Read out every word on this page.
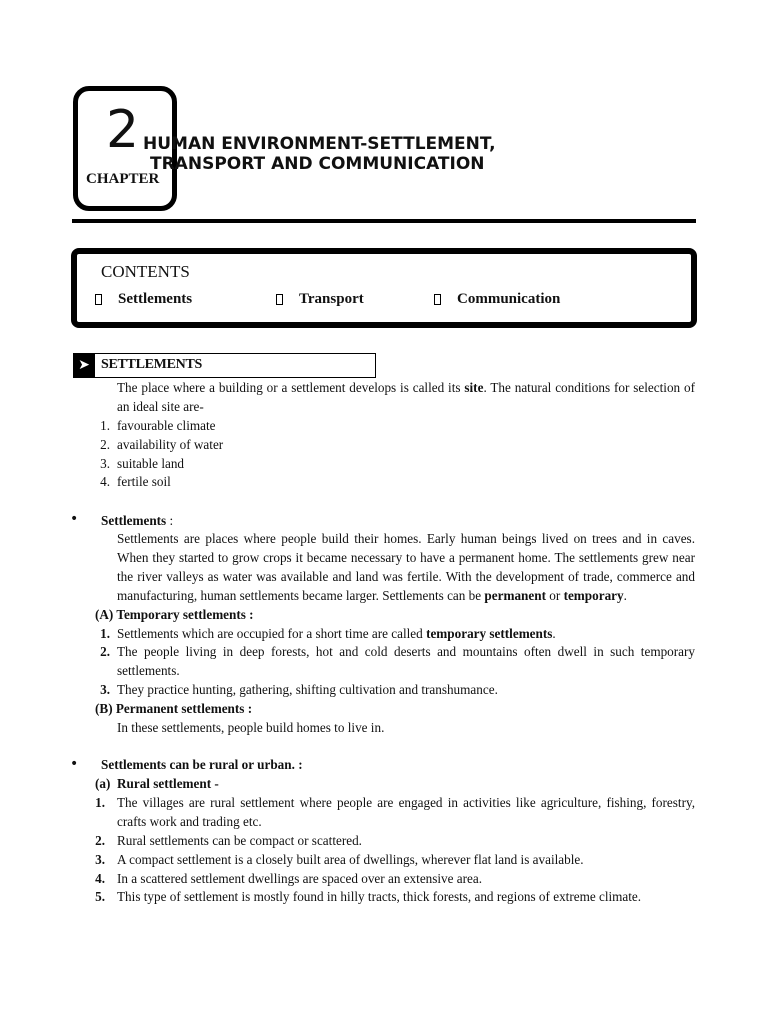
2
CHAPTER
HUMAN ENVIRONMENT-SETTLEMENT,
TRANSPORT AND COMMUNICATION
CONTENTS
Settlements	Transport	Communication
➤ SETTLEMENTS
The place where a building or a settlement develops is called its site. The natural conditions for selection of
an ideal site are-
1. favourable climate
2. availability of water
3. suitable land
4. fertile soil
• Settlements :
Settlements are places where people build their homes. Early human beings lived on trees and in caves.
When they started to grow crops it became necessary to have a permanent home. The settlements grew near
the river valleys as water was available and land was fertile. With the development of trade, commerce and
manufacturing, human settlements became larger. Settlements can be permanent or temporary.
(A) Temporary settlements :
1. Settlements which are occupied for a short time are called temporary settlements.
2. The people living in deep forests, hot and cold deserts and mountains often dwell in such temporary
settlements.
3. They practice hunting, gathering, shifting cultivation and transhumance.
(B) Permanent settlements :
In these settlements, people build homes to live in.
• Settlements can be rural or urban. :
(a) Rural settlement -
1. The villages are rural settlement where people are engaged in activities like agriculture, fishing, forestry,
crafts work and trading etc.
2. Rural settlements can be compact or scattered.
3. A compact settlement is a closely built area of dwellings, wherever flat land is available.
4. In a scattered settlement dwellings are spaced over an extensive area.
5. This type of settlement is mostly found in hilly tracts, thick forests, and regions of extreme climate.
